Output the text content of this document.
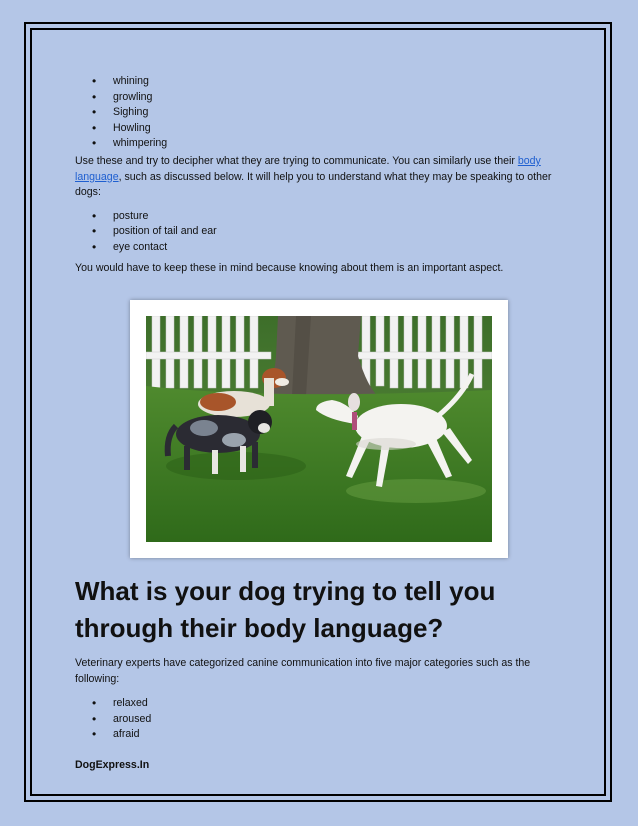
• whining
• growling
• Sighing
• Howling
• whimpering

Use these and try to decipher what they are trying to communicate. You can similarly use their body language, such as discussed below. It will help you to understand what they may be speaking to other dogs:

• posture
• position of tail and ear
• eye contact

You would have to keep these in mind because knowing about them is an important aspect.

What is your dog trying to tell you through their body language?

Veterinary experts have categorized canine communication into five major categories such as the following:

• relaxed
• aroused
• afraid
DogExpress.In
